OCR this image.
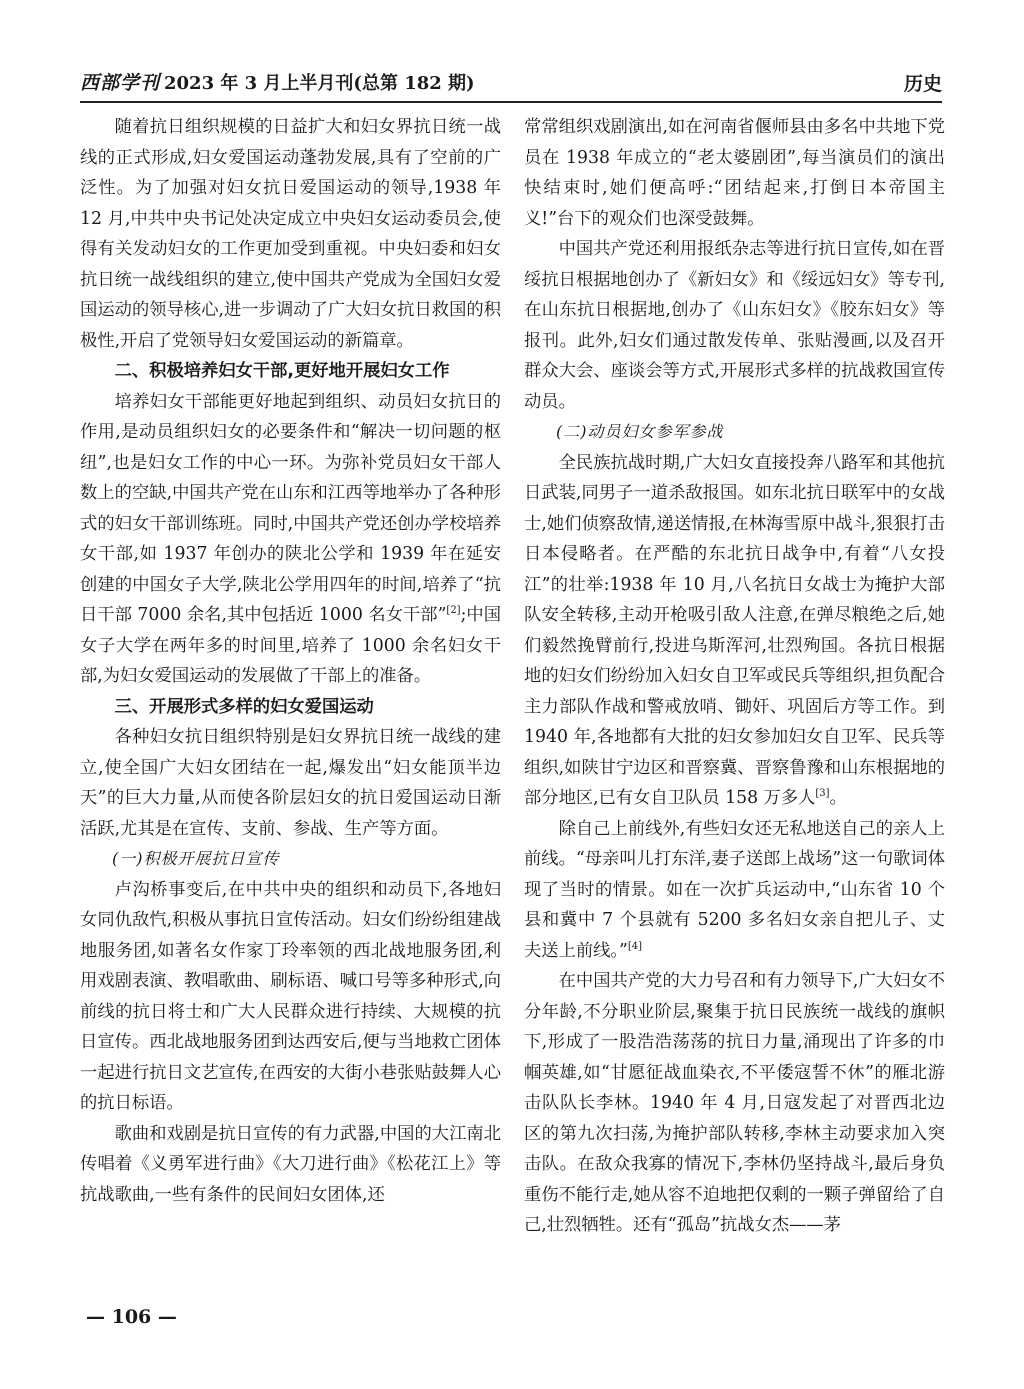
西部学刊 2023 年 3 月上半月刊(总第 182 期)	历史

随着抗日组织规模的日益扩大和妇女界抗日统一战线的正式形成,妇女爱国运动蓬勃发展,具有了空前的广泛性。为了加强对妇女抗日爱国运动的领导,1938 年 12 月,中共中央书记处决定成立中央妇女运动委员会,使得有关发动妇女的工作更加受到重视。中央妇委和妇女抗日统一战线组织的建立,使中国共产党成为全国妇女爱国运动的领导核心,进一步调动了广大妇女抗日救国的积极性,开启了党领导妇女爱国运动的新篇章。

二、积极培养妇女干部,更好地开展妇女工作

培养妇女干部能更好地起到组织、动员妇女抗日的作用,是动员组织妇女的必要条件和“解决一切问题的枢纽”,也是妇女工作的中心一环。为弥补党员妇女干部人数上的空缺,中国共产党在山东和江西等地举办了各种形式的妇女干部训练班。同时,中国共产党还创办学校培养女干部,如 1937 年创办的陕北公学和 1939 年在延安创建的中国女子大学,陕北公学用四年的时间,培养了“抗日干部 7000 余名,其中包括近 1000 名女干部”[2];中国女子大学在两年多的时间里,培养了 1000 余名妇女干部,为妇女爱国运动的发展做了干部上的准备。

三、开展形式多样的妇女爱国运动

各种妇女抗日组织特别是妇女界抗日统一战线的建立,使全国广大妇女团结在一起,爆发出“妇女能顶半边天”的巨大力量,从而使各阶层妇女的抗日爱国运动日渐活跃,尤其是在宣传、支前、参战、生产等方面。

(一)积极开展抗日宣传

卢沟桥事变后,在中共中央的组织和动员下,各地妇女同仇敌忾,积极从事抗日宣传活动。妇女们纷纷组建战地服务团,如著名女作家丁玲率领的西北战地服务团,利用戏剧表演、教唱歌曲、刷标语、喊口号等多种形式,向前线的抗日将士和广大人民群众进行持续、大规模的抗日宣传。西北战地服务团到达西安后,便与当地救亡团体一起进行抗日文艺宣传,在西安的大街小巷张贴鼓舞人心的抗日标语。

歌曲和戏剧是抗日宣传的有力武器,中国的大江南北传唱着《义勇军进行曲》《大刀进行曲》《松花江上》等抗战歌曲,一些有条件的民间妇女团体,还

常常组织戏剧演出,如在河南省偃师县由多名中共地下党员在 1938 年成立的“老太婆剧团”,每当演员们的演出快结束时,她们便高呼:“团结起来,打倒日本帝国主义!”台下的观众们也深受鼓舞。

中国共产党还利用报纸杂志等进行抗日宣传,如在晋绥抗日根据地创办了《新妇女》和《绥远妇女》等专刊,在山东抗日根据地,创办了《山东妇女》《胶东妇女》等报刊。此外,妇女们通过散发传单、张贴漫画,以及召开群众大会、座谈会等方式,开展形式多样的抗战救国宣传动员。

(二)动员妇女参军参战

全民族抗战时期,广大妇女直接投奔八路军和其他抗日武装,同男子一道杀敌报国。如东北抗日联军中的女战士,她们侦察敌情,递送情报,在林海雪原中战斗,狠狠打击日本侵略者。在严酷的东北抗日战争中,有着“八女投江”的壮举:1938 年 10 月,八名抗日女战士为掩护大部队安全转移,主动开枪吸引敌人注意,在弹尽粮绝之后,她们毅然挽臂前行,投进乌斯浑河,壮烈殉国。各抗日根据地的妇女们纷纷加入妇女自卫军或民兵等组织,担负配合主力部队作战和警戒放哨、锄奸、巩固后方等工作。到 1940 年,各地都有大批的妇女参加妇女自卫军、民兵等组织,如陕甘宁边区和晋察冀、晋察鲁豫和山东根据地的部分地区,已有女自卫队员 158 万多人[3]。

除自己上前线外,有些妇女还无私地送自己的亲人上前线。“母亲叫儿打东洋,妻子送郎上战场”这一句歌词体现了当时的情景。如在一次扩兵运动中,“山东省 10 个县和冀中 7 个县就有 5200 多名妇女亲自把儿子、丈夫送上前线。”[4]

在中国共产党的大力号召和有力领导下,广大妇女不分年龄,不分职业阶层,聚集于抗日民族统一战线的旗帜下,形成了一股浩浩荡荡的抗日力量,涌现出了许多的巾帼英雄,如“甘愿征战血染衣,不平倭寇誓不休”的雁北游击队队长李林。1940 年 4 月,日寇发起了对晋西北边区的第九次扫荡,为掩护部队转移,李林主动要求加入突击队。在敌众我寡的情况下,李林仍坚持战斗,最后身负重伤不能行走,她从容不迫地把仅剩的一颗子弹留给了自己,壮烈牺牲。还有“孤岛”抗战女杰——茅

— 106 —
